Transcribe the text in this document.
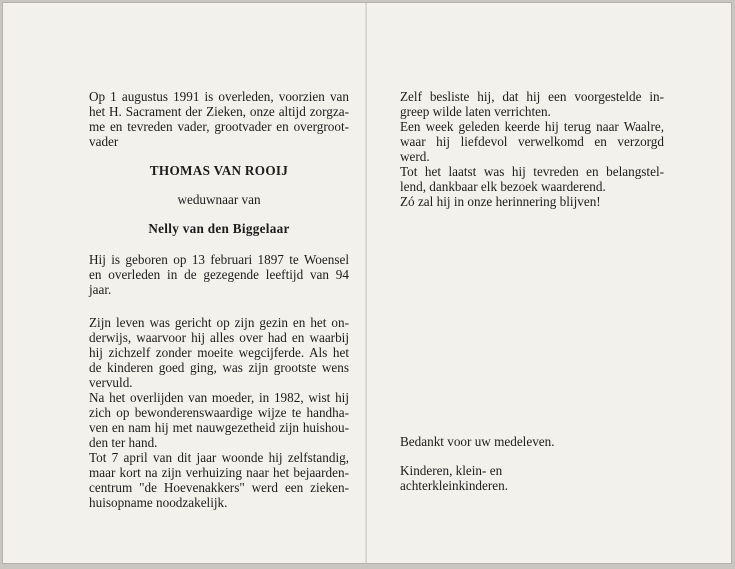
Op 1 augustus 1991 is overleden, voorzien van

het H. Sacrament der Zieken, onze altijd zorgza-

me en tevreden vader, grootvader en overgroot-

vader

THOMAS VAN ROOIJ

weduwnaar van

Nelly van den Biggelaar

Hij is geboren op 13 februari 1897 te Woensel

en overleden in de gezegende leeftijd van 94

jaar.

Zijn leven was gericht op zijn gezin en het on-

derwijs, waarvoor hij alles over had en waarbij

hij zichzelf zonder moeite wegcijferde. Als het

de kinderen goed ging, was zijn grootste wens

vervuld.

Na het overlijden van moeder, in 1982, wist hij

zich op bewonderenswaardige wijze te handha-

ven en nam hij met nauwgezetheid zijn huishou-

den ter hand.

Tot 7 april van dit jaar woonde hij zelfstandig,

maar kort na zijn verhuizing naar het bejaarden-

centrum "de Hoevenakkers" werd een zieken-

huisopname noodzakelijk.

Zelf besliste hij, dat hij een voorgestelde in-

greep wilde laten verrichten.

Een week geleden keerde hij terug naar Waalre,

waar hij liefdevol verwelkomd en verzorgd

werd.

Tot het laatst was hij tevreden en belangstel-

lend, dankbaar elk bezoek waarderend.

Zó zal hij in onze herinnering blijven!

Bedankt voor uw medeleven.

Kinderen, klein- en

achterkleinkinderen.
